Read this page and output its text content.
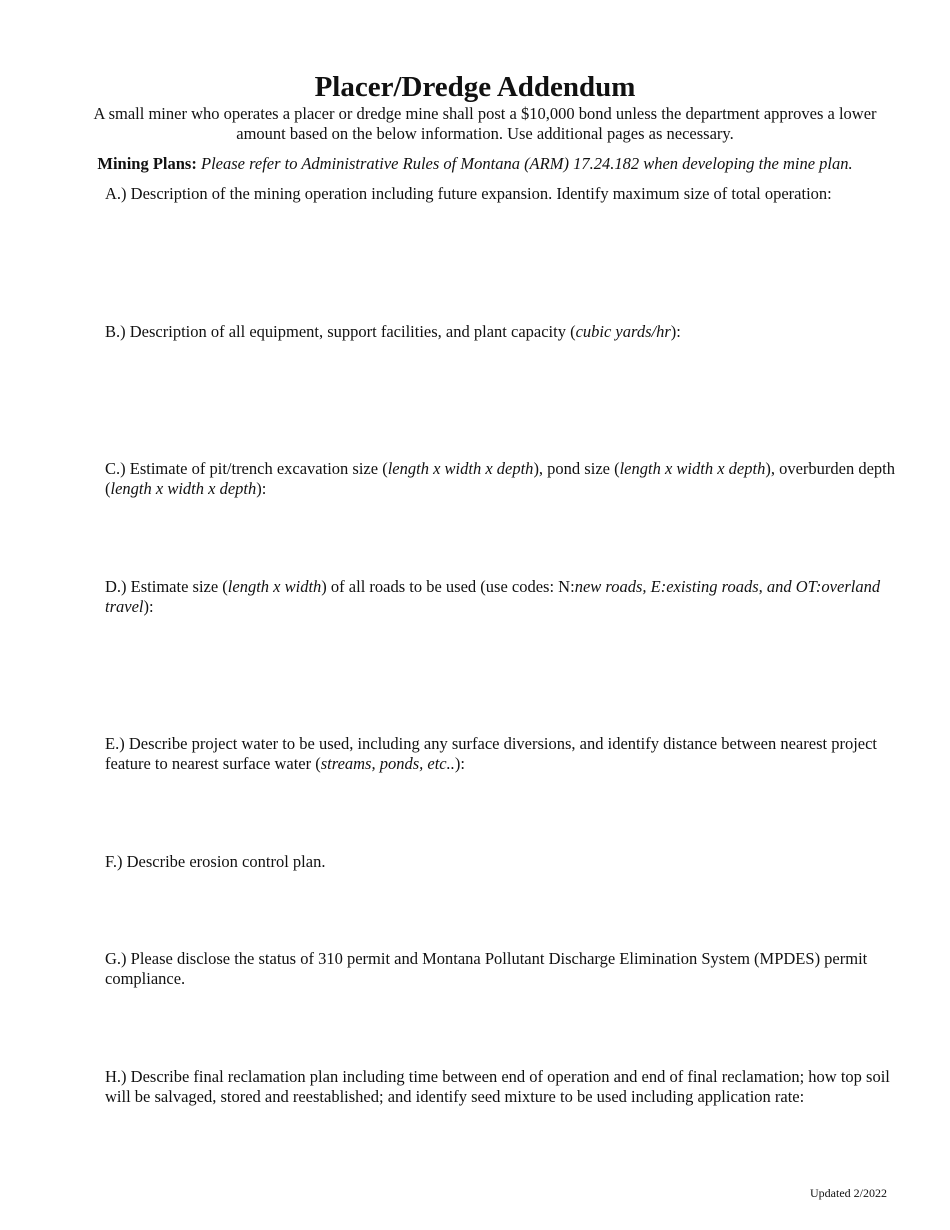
Placer/Dredge Addendum

A small miner who operates a placer or dredge mine shall post a $10,000 bond unless the department approves a lower amount based on the below information. Use additional pages as necessary.

Mining Plans: Please refer to Administrative Rules of Montana (ARM) 17.24.182 when developing the mine plan.

A.) Description of the mining operation including future expansion. Identify maximum size of total operation:

B.) Description of all equipment, support facilities, and plant capacity (cubic yards/hr):

C.) Estimate of pit/trench excavation size (length x width x depth), pond size (length x width x depth), overburden depth (length x width x depth):

D.) Estimate size (length x width) of all roads to be used (use codes: N:new roads, E:existing roads, and OT:overland travel):

E.) Describe project water to be used, including any surface diversions, and identify distance between nearest project feature to nearest surface water (streams, ponds, etc..):

F.) Describe erosion control plan.

G.) Please disclose the status of 310 permit and Montana Pollutant Discharge Elimination System (MPDES) permit compliance.

H.) Describe final reclamation plan including time between end of operation and end of final reclamation; how top soil will be salvaged, stored and reestablished; and identify seed mixture to be used including application rate:

Updated 2/2022
